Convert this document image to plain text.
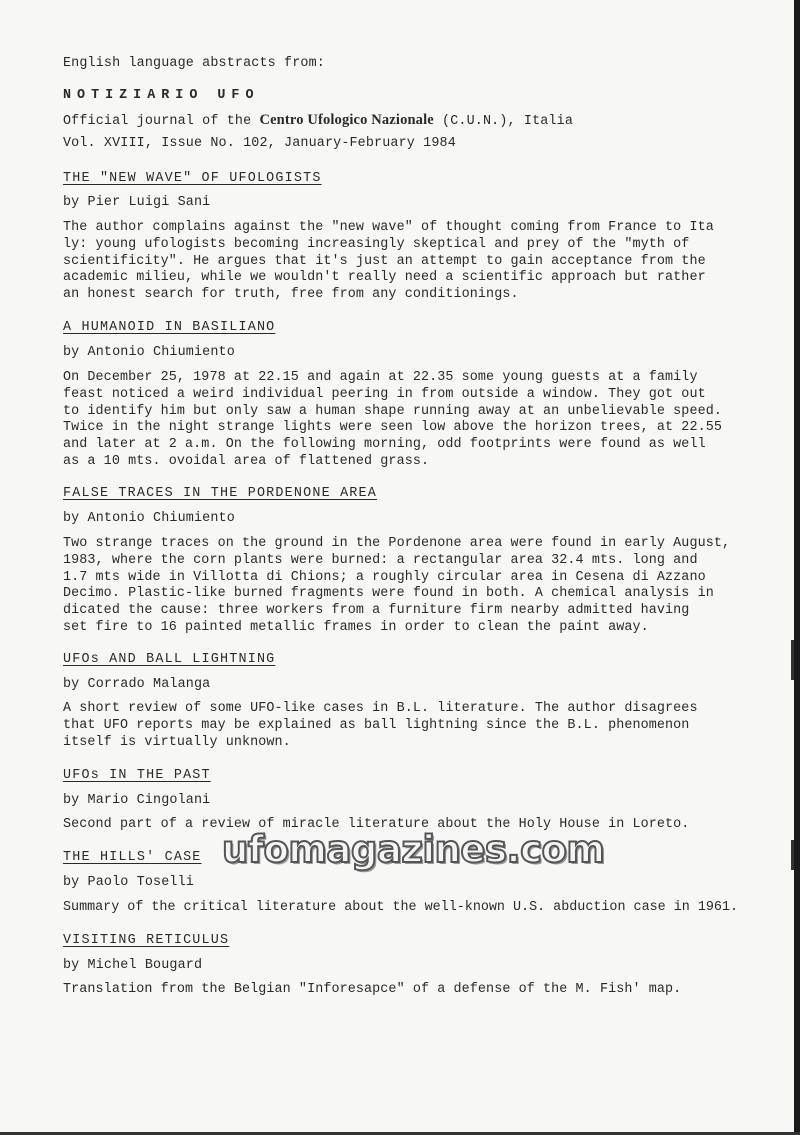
English language abstracts from:
NOTIZIARIO UFO
Official journal of the Centro Ufologico Nazionale (C.U.N.), Italia
Vol. XVIII, Issue No. 102, January-February 1984
THE "NEW WAVE" OF UFOLOGISTS
by Pier Luigi Sani
The author complains against the "new wave" of thought coming from France to Ita
ly: young ufologists becoming increasingly skeptical and prey of the "myth of
scientificity". He argues that it's just an attempt to gain acceptance from the
academic milieu, while we wouldn't really need a scientific approach but rather
an honest search for truth, free from any conditionings.
A HUMANOID IN BASILIANO
by Antonio Chiumiento
On December 25, 1978 at 22.15 and again at 22.35 some young guests at a family
feast noticed a weird individual peering in from outside a window. They got out
to identify him but only saw a human shape running away at an unbelievable speed.
Twice in the night strange lights were seen low above the horizon trees, at 22.55
and later at 2 a.m. On the following morning, odd footprints were found as well
as a 10 mts. ovoidal area of flattened grass.
FALSE TRACES IN THE PORDENONE AREA
by Antonio Chiumiento
Two strange traces on the ground in the Pordenone area were found in early August,
1983, where the corn plants were burned: a rectangular area 32.4 mts. long and
1.7 mts wide in Villotta di Chions; a roughly circular area in Cesena di Azzano
Decimo. Plastic-like burned fragments were found in both. A chemical analysis in
dicated the cause: three workers from a furniture firm nearby admitted having
set fire to 16 painted metallic frames in order to clean the paint away.
UFOs AND BALL LIGHTNING
by Corrado Malanga
A short review of some UFO-like cases in B.L. literature. The author disagrees
that UFO reports may be explained as ball lightning since the B.L. phenomenon
itself is virtually unknown.
UFOs IN THE PAST
by Mario Cingolani
Second part of a review of miracle literature about the Holy House in Loreto.
THE HILLS' CASE
by Paolo Toselli
Summary of the critical literature about the well-known U.S. abduction case in 1961.
VISITING RETICULUS
by Michel Bougard
Translation from the Belgian "Inforesapce" of a defense of the M. Fish' map.
ufomagazines.com
